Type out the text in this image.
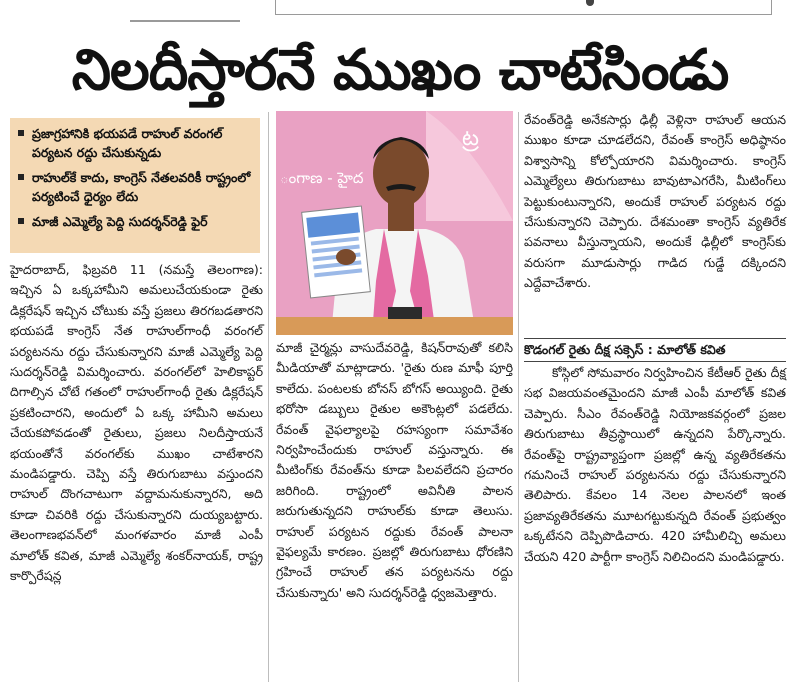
నిలదీస్తారనే ముఖం చాటేసిండు
ప్రజాగ్రహానికి భయపడే రాహుల్ వరంగల్ పర్యటన రద్దు చేసుకున్నడు
రాహుల్‌కే కాదు, కాంగ్రెస్ నేతలవరికీ రాష్ట్రంలో పర్యటించే ధైర్యం లేదు
మాజీ ఎమ్మెల్యే పెద్ది సుదర్శన్‌రెడ్డి ఫైర్

హైదరాబాద్, ఫిబ్రవరి 11 (నమస్తే తెలంగాణ): ఇచ్చిన ఏ ఒక్కహామీని అమలుచేయకుండా రైతు డిక్లరేషన్ ఇచ్చిన చోటుకు వస్తే ప్రజలు తిరగబడతారని భయపడే కాంగ్రెస్ నేత రాహుల్‌గాంధీ వరంగల్ పర్యటనను రద్దు చేసుకున్నారని మాజీ ఎమ్మెల్యే పెద్ది సుదర్శన్‌రెడ్డి విమర్శించారు. వరంగల్‌లో హెలికాప్టర్ దిగాల్సిన చోటే గతంలో రాహుల్‌గాంధీ రైతు డిక్లరేషన్ ప్రకటించారని, అందులో ఏ ఒక్క హామీని అమలు చేయకపోవడంతో రైతులు, ప్రజలు నిలదీస్తాయనే భయంతోనే వరంగల్‌కు ముఖం చాటేశారని మండిపడ్డారు. చెప్పి వస్తే తిరుగుబాటు వస్తుందని రాహుల్ దొంగచాటుగా వద్దామనుకున్నారని, అది కూడా చివరికి రద్దు చేసుకున్నారని దుయ్యబట్టారు. తెలంగాణభవన్‌లో మంగళవారం మాజీ ఎంపీ మాలోత్ కవిత, మాజీ ఎమ్మెల్యే శంకర్‌నాయక్, రాష్ట్ర కార్పొరేషన్ల

ట్ర
ంగాణ - హైద

మాజీ చైర్మన్లు వాసుదేవరెడ్డి, కిషన్‌రావుతో కలిసి మీడియాతో మాట్లాడారు. 'రైతు రుణ మాఫీ పూర్తి కాలేదు. పంటలకు బోనస్ బోగస్ అయ్యింది. రైతు భరోసా డబ్బులు రైతుల అకౌంట్లలో పడలేదు. రేవంత్ వైఫల్యాలపై రహస్యంగా సమావేశం నిర్వహించేందుకు రాహుల్ వస్తున్నారు. ఈ మీటింగ్‌కు రేవంత్‌ను కూడా పిలవలేదని ప్రచారం జరిగింది. రాష్ట్రంలో అవినీతి పాలన జరుగుతున్నదని రాహుల్‌కు కూడా తెలుసు. రాహుల్ పర్యటన రద్దుకు రేవంత్ పాలనా వైఫల్యమే కారణం. ప్రజల్లో తిరుగుబాటు ధోరణిని గ్రహించే రాహుల్ తన పర్యటనను రద్దు చేసుకున్నారు' అని సుదర్శన్‌రెడ్డి ధ్వజమెత్తారు.

రేవంత్‌రెడ్డి అనేకసార్లు ఢిల్లీ వెళ్లినా రాహుల్ ఆయన ముఖం కూడా చూడలేదని, రేవంత్ కాంగ్రెస్ అధిష్ఠానం విశ్వాసాన్ని కోల్పోయారని విమర్శించారు. కాంగ్రెస్ ఎమ్మెల్యేలు తిరుగుబాటు బావుటాఎగరేసి, మీటింగ్‌లు పెట్టుకుంటున్నారని, అందుకే రాహుల్ పర్యటన రద్దు చేసుకున్నారని చెప్పారు. దేశమంతా కాంగ్రెస్ వ్యతిరేక పవనాలు వీస్తున్నాయని, అందుకే ఢిల్లీలో కాంగ్రెస్‌కు వరుసగా మూడుసార్లు గాడిద గుడ్డే దక్కిందని ఎద్దేవాచేశారు.

కొడంగల్ రైతు దీక్ష సక్సెస్ : మాలోత్ కవిత

కోస్గిలో సోమవారం నిర్వహించిన కేటీఆర్ రైతు దీక్ష సభ విజయవంతమైందని మాజీ ఎంపీ మాలోత్ కవిత చెప్పారు. సీఎం రేవంత్‌రెడ్డి నియోజకవర్గంలో ప్రజల తిరుగుబాటు తీవ్రస్థాయిలో ఉన్నదని పేర్కొన్నారు. రేవంత్‌పై రాష్ట్రవ్యాప్తంగా ప్రజల్లో ఉన్న వ్యతిరేకతను గమనించే రాహుల్ పర్యటనను రద్దు చేసుకున్నారని తెలిపారు. కేవలం 14 నెలల పాలనలో ఇంత ప్రజావ్యతిరేకతను మూటగట్టుకున్నది రేవంత్ ప్రభుత్వం ఒక్కటేనని దెప్పిపొడిచారు. 420 హామీలిచ్చి అమలు చేయని 420 పార్టీగా కాంగ్రెస్ నిలిచిందని మండిపడ్డారు.
